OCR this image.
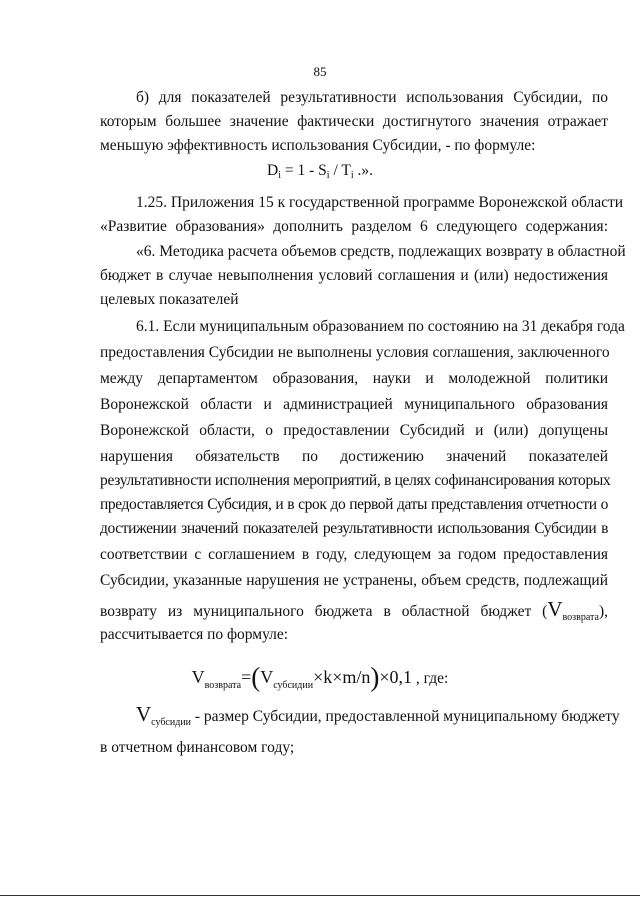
85
б) для показателей результативности использования Субсидии, по
которым большее значение фактически достигнутого значения отражает
меньшую эффективность использования Субсидии, - по формуле:
$D_i = 1 - S_i / T_i$ .».
1.25. Приложения 15 к государственной программе Воронежской области
«Развитие образования» дополнить разделом 6 следующего содержания:
«6. Методика расчета объемов средств, подлежащих возврату в областной
бюджет в случае невыполнения условий соглашения и (или) недостижения
целевых показателей
6.1. Если муниципальным образованием по состоянию на 31 декабря года
предоставления Субсидии не выполнены условия соглашения, заключенного
между департаментом образования, науки и молодежной политики
Воронежской области и администрацией муниципального образования
Воронежской области, о предоставлении Субсидий и (или) допущены
нарушения обязательств по достижению значений показателей
результативности исполнения мероприятий, в целях софинансирования которых
предоставляется Субсидия, и в срок до первой даты представления отчетности о
достижении значений показателей результативности использования Субсидии в
соответствии с соглашением в году, следующем за годом предоставления
Субсидии, указанные нарушения не устранены, объем средств, подлежащий
возврату из муниципального бюджета в областной бюджет $(V_{возврата})$,
рассчитывается по формуле:
$V_{возврата}=(V_{субсидии}\times k\times m/n)\times 0,1$ , где:
$V_{субсидии}$ - размер Субсидии, предоставленной муниципальному бюджету
в отчетном финансовом году;
